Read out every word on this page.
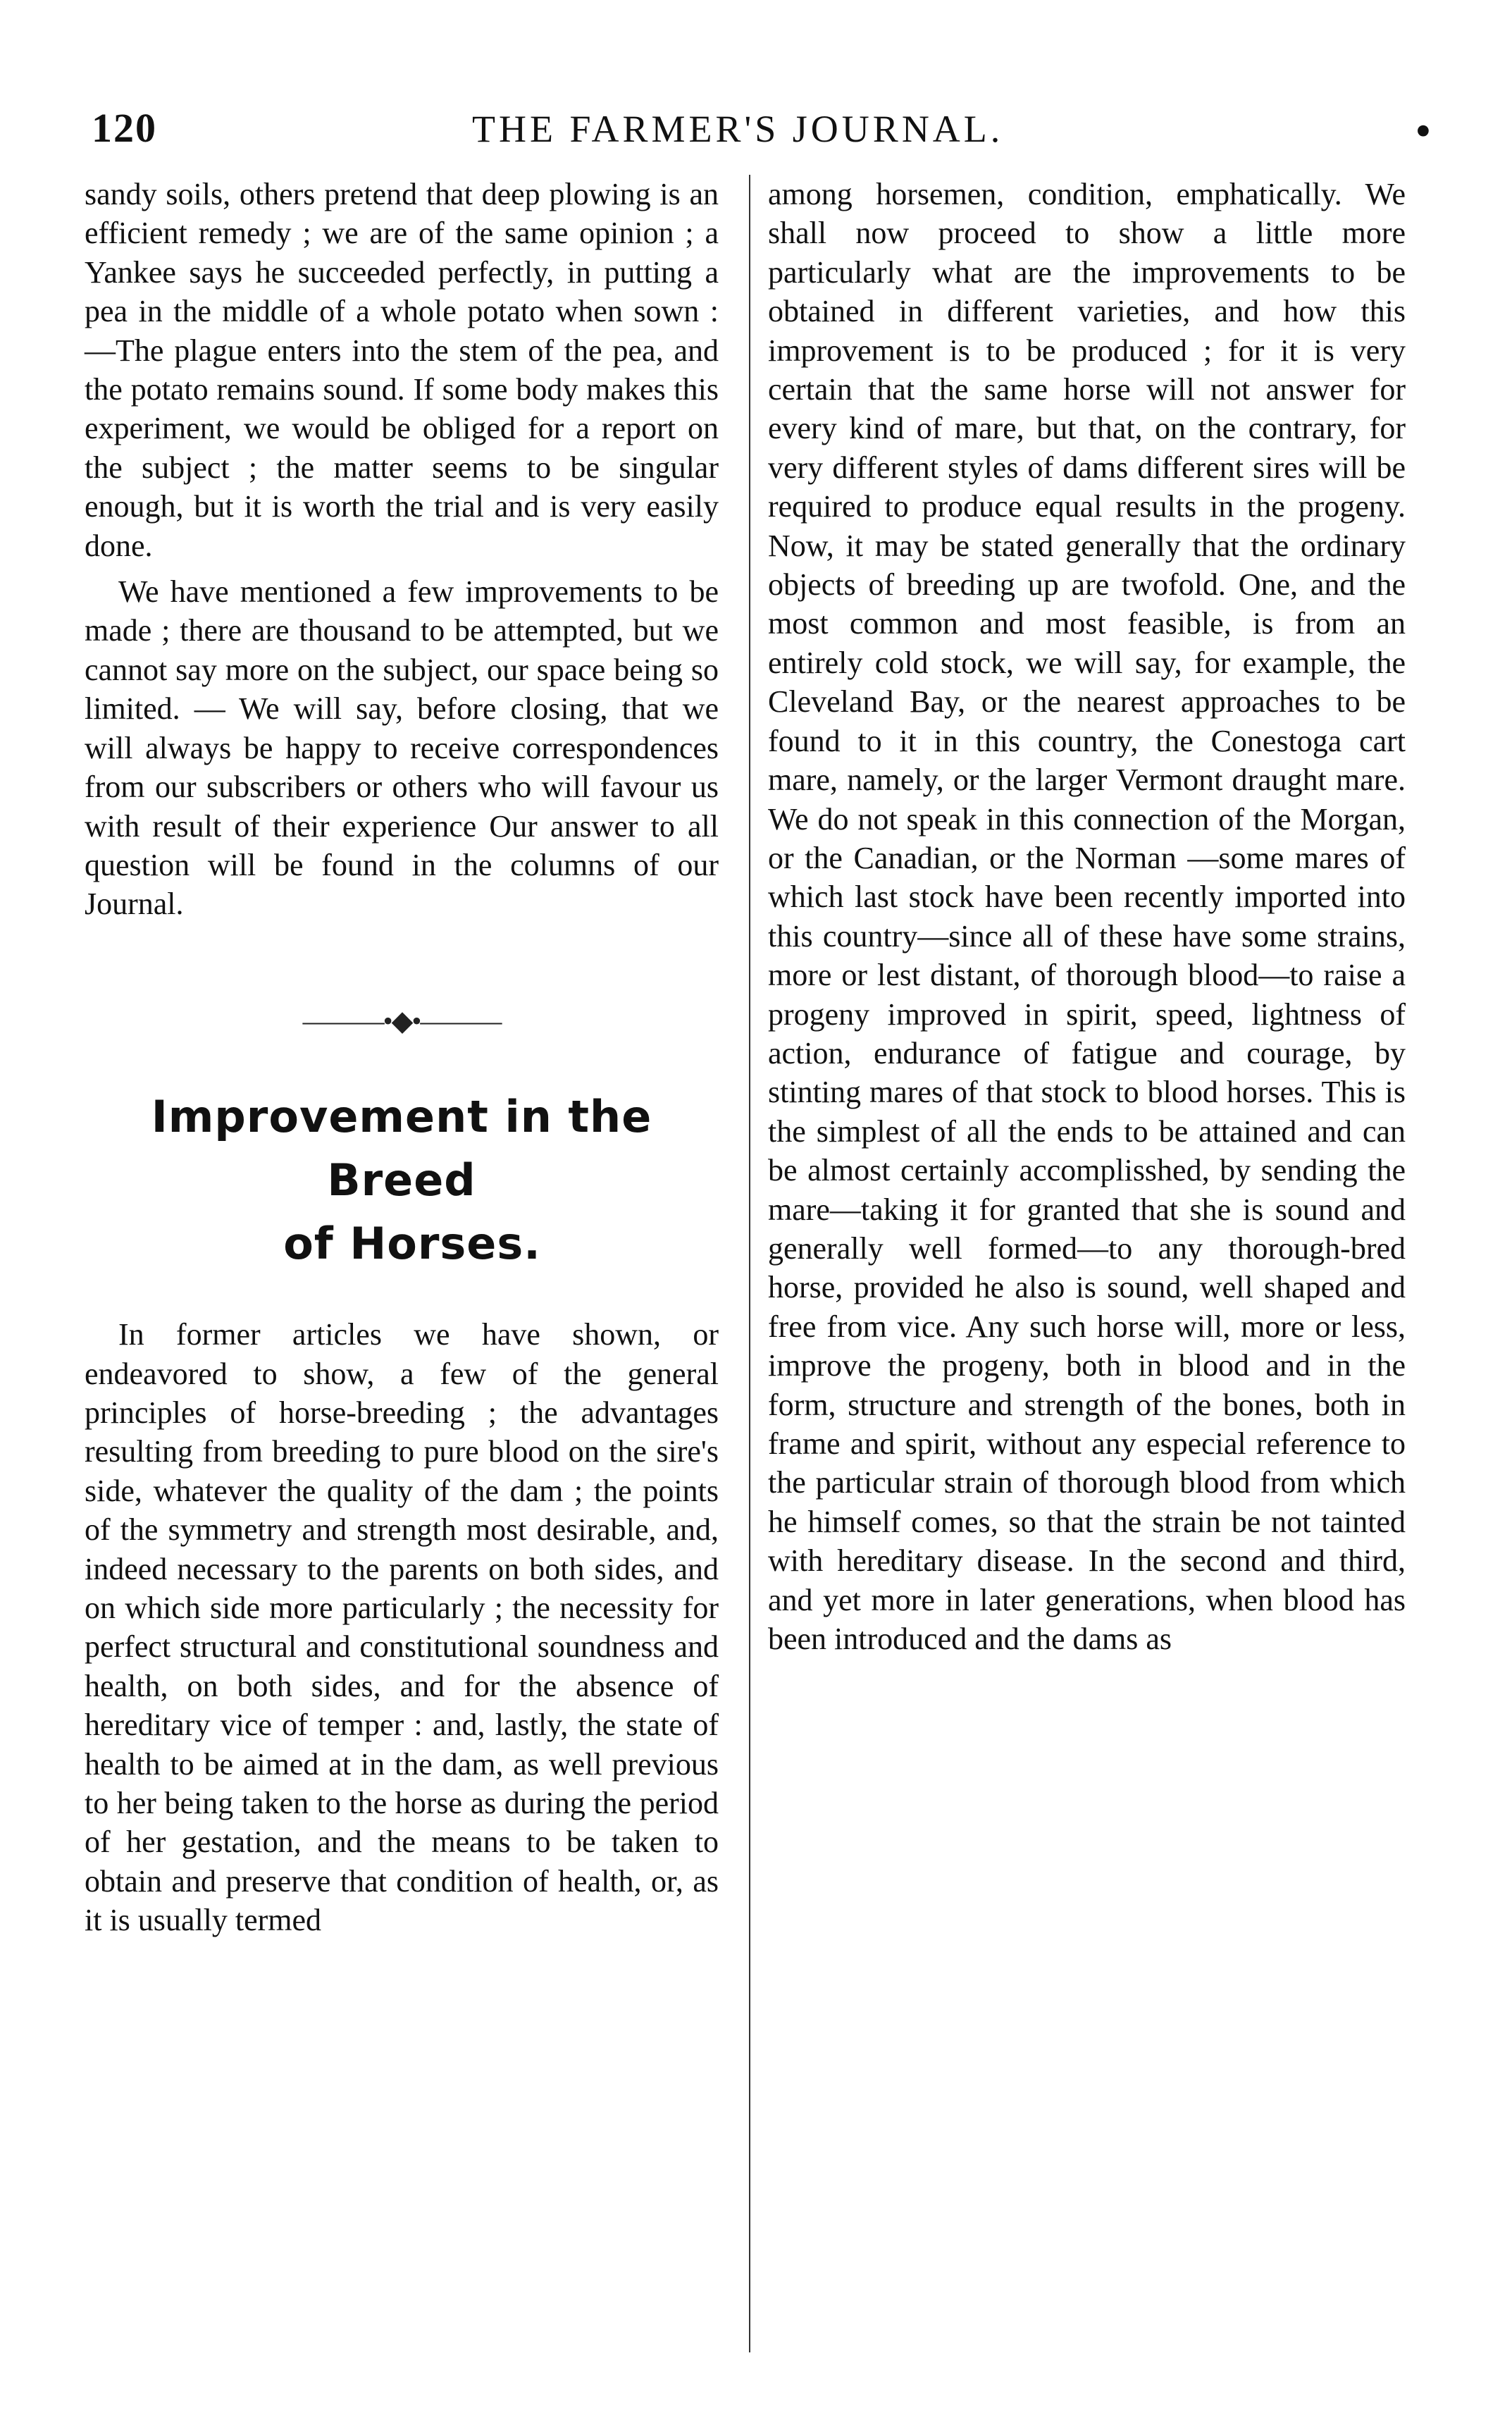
120	THE FARMER'S JOURNAL.	•

sandy soils, others pretend that deep plowing is an efficient remedy ; we are of the same opinion ; a Yankee says he succeeded perfectly, in putting a pea in the middle of a whole potato when sown : —The plague enters into the stem of the pea, and the potato remains sound. If some body makes this experiment, we would be obliged for a report on the subject ; the matter seems to be singular enough, but it is worth the trial and is very easily done.

We have mentioned a few improvements to be made ; there are thousand to be attempted, but we cannot say more on the subject, our space being so limited. — We will say, before closing, that we will always be happy to receive correspondences from our subscribers or others who will favour us with result of their experience Our answer to all question will be found in the columns of our Journal.

———•◆•———

Improvement in the Breed

of Horses.

In former articles we have shown, or endeavored to show, a few of the general principles of horse-breeding ; the advantages resulting from breeding to pure blood on the sire's side, whatever the quality of the dam ; the points of the symmetry and strength most desirable, and, indeed necessary to the parents on both sides, and on which side more particularly ; the necessity for perfect structural and constitutional soundness and health, on both sides, and for the absence of hereditary vice of temper : and, lastly, the state of health to be aimed at in the dam, as well previous to her being taken to the horse as during the period of her gestation, and the means to be taken to obtain and preserve that condition of health, or, as it is usually termed

among horsemen, condition, emphatically. We shall now proceed to show a little more particularly what are the improvements to be obtained in different varieties, and how this improvement is to be produced ; for it is very certain that the same horse will not answer for every kind of mare, but that, on the contrary, for very different styles of dams different sires will be required to produce equal results in the progeny. Now, it may be stated generally that the ordinary objects of breeding up are twofold. One, and the most common and most feasible, is from an entirely cold stock, we will say, for example, the Cleveland Bay, or the nearest approaches to be found to it in this country, the Conestoga cart mare, namely, or the larger Vermont draught mare. We do not speak in this connection of the Morgan, or the Canadian, or the Norman —some mares of which last stock have been recently imported into this country—since all of these have some strains, more or lest distant, of thorough blood—to raise a progeny improved in spirit, speed, lightness of action, endurance of fatigue and courage, by stinting mares of that stock to blood horses. This is the simplest of all the ends to be attained and can be almost certainly accomplisshed, by sending the mare—taking it for granted that she is sound and generally well formed—to any thorough-bred horse, provided he also is sound, well shaped and free from vice. Any such horse will, more or less, improve the progeny, both in blood and in the form, structure and strength of the bones, both in frame and spirit, without any especial reference to the particular strain of thorough blood from which he himself comes, so that the strain be not tainted with hereditary disease. In the second and third, and yet more in later generations, when blood has been introduced and the dams as
